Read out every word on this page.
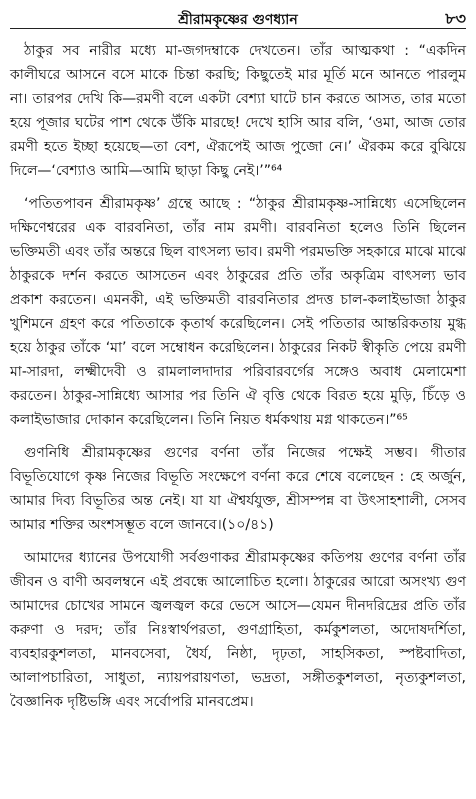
শ্রীরামকৃষ্ণের গুণধ্যান	৮৩

ঠাকুর সব নারীর মধ্যে মা-জগদম্বাকে দেখতেন। তাঁর আত্মকথা : “একদিন কালীঘরে আসনে বসে মাকে চিন্তা করছি; কিছুতেই মার মূর্তি মনে আনতে পারলুম না। তারপর দেখি কি—রমণী বলে একটা বেশ্যা ঘাটে চান করতে আসত, তার মতো হয়ে পূজার ঘটের পাশ থেকে উঁকি মারছে! দেখে হাসি আর বলি, ‘ওমা, আজ তোর রমণী হতে ইচ্ছা হয়েছে—তা বেশ, ঐরূপেই আজ পুজো নে।’ ঐরকম করে বুঝিয়ে দিলে—‘বেশ্যাও আমি—আমি ছাড়া কিছু নেই।’”⁶⁴

‘পতিতপাবন শ্রীরামকৃষ্ণ’ গ্রন্থে আছে : “ঠাকুর শ্রীরামকৃষ্ণ-সান্নিধ্যে এসেছিলেন দক্ষিণেশ্বরের এক বারবনিতা, তাঁর নাম রমণী। বারবনিতা হলেও তিনি ছিলেন ভক্তিমতী এবং তাঁর অন্তরে ছিল বাৎসল্য ভাব। রমণী পরমভক্তি সহকারে মাঝে মাঝে ঠাকুরকে দর্শন করতে আসতেন এবং ঠাকুরের প্রতি তাঁর অকৃত্রিম বাৎসল্য ভাব প্রকাশ করতেন। এমনকী, এই ভক্তিমতী বারবনিতার প্রদত্ত চাল-কলাইভাজা ঠাকুর খুশিমনে গ্রহণ করে পতিতাকে কৃতার্থ করেছিলেন। সেই পতিতার আন্তরিকতায় মুগ্ধ হয়ে ঠাকুর তাঁকে ‘মা’ বলে সম্বোধন করেছিলেন। ঠাকুরের নিকট স্বীকৃতি পেয়ে রমণী মা-সারদা, লক্ষ্মীদেবী ও রামলালদাদার পরিবারবর্গের সঙ্গেও অবাধ মেলামেশা করতেন। ঠাকুর-সান্নিধ্যে আসার পর তিনি ঐ বৃত্তি থেকে বিরত হয়ে মুড়ি, চিঁড়ে ও কলাইভাজার দোকান করেছিলেন। তিনি নিয়ত ধর্মকথায় মগ্ন থাকতেন।”⁶⁵

গুণনিধি শ্রীরামকৃষ্ণের গুণের বর্ণনা তাঁর নিজের পক্ষেই সম্ভব। গীতার বিভূতিযোগে কৃষ্ণ নিজের বিভূতি সংক্ষেপে বর্ণনা করে শেষে বলেছেন : হে অর্জুন, আমার দিব্য বিভূতির অন্ত নেই। যা যা ঐশ্বর্যযুক্ত, শ্রীসম্পন্ন বা উৎসাহশালী, সেসব আমার শক্তির অংশসম্ভূত বলে জানবে।(১০/৪১)

আমাদের ধ্যানের উপযোগী সর্বগুণাকর শ্রীরামকৃষ্ণের কতিপয় গুণের বর্ণনা তাঁর জীবন ও বাণী অবলম্বনে এই প্রবন্ধে আলোচিত হলো। ঠাকুরের আরো অসংখ্য গুণ আমাদের চোখের সামনে জ্বলজ্বল করে ভেসে আসে—যেমন দীনদরিদ্রের প্রতি তাঁর করুণা ও দরদ; তাঁর নিঃস্বার্থপরতা, গুণগ্রাহিতা, কর্মকুশলতা, অদোষদর্শিতা, ব্যবহারকুশলতা, মানবসেবা, ধৈর্য, নিষ্ঠা, দৃঢ়তা, সাহসিকতা, স্পষ্টবাদিতা, আলাপচারিতা, সাধুতা, ন্যায়পরায়ণতা, ভদ্রতা, সঙ্গীতকুশলতা, নৃত্যকুশলতা, বৈজ্ঞানিক দৃষ্টিভঙ্গি এবং সর্বোপরি মানবপ্রেম।
